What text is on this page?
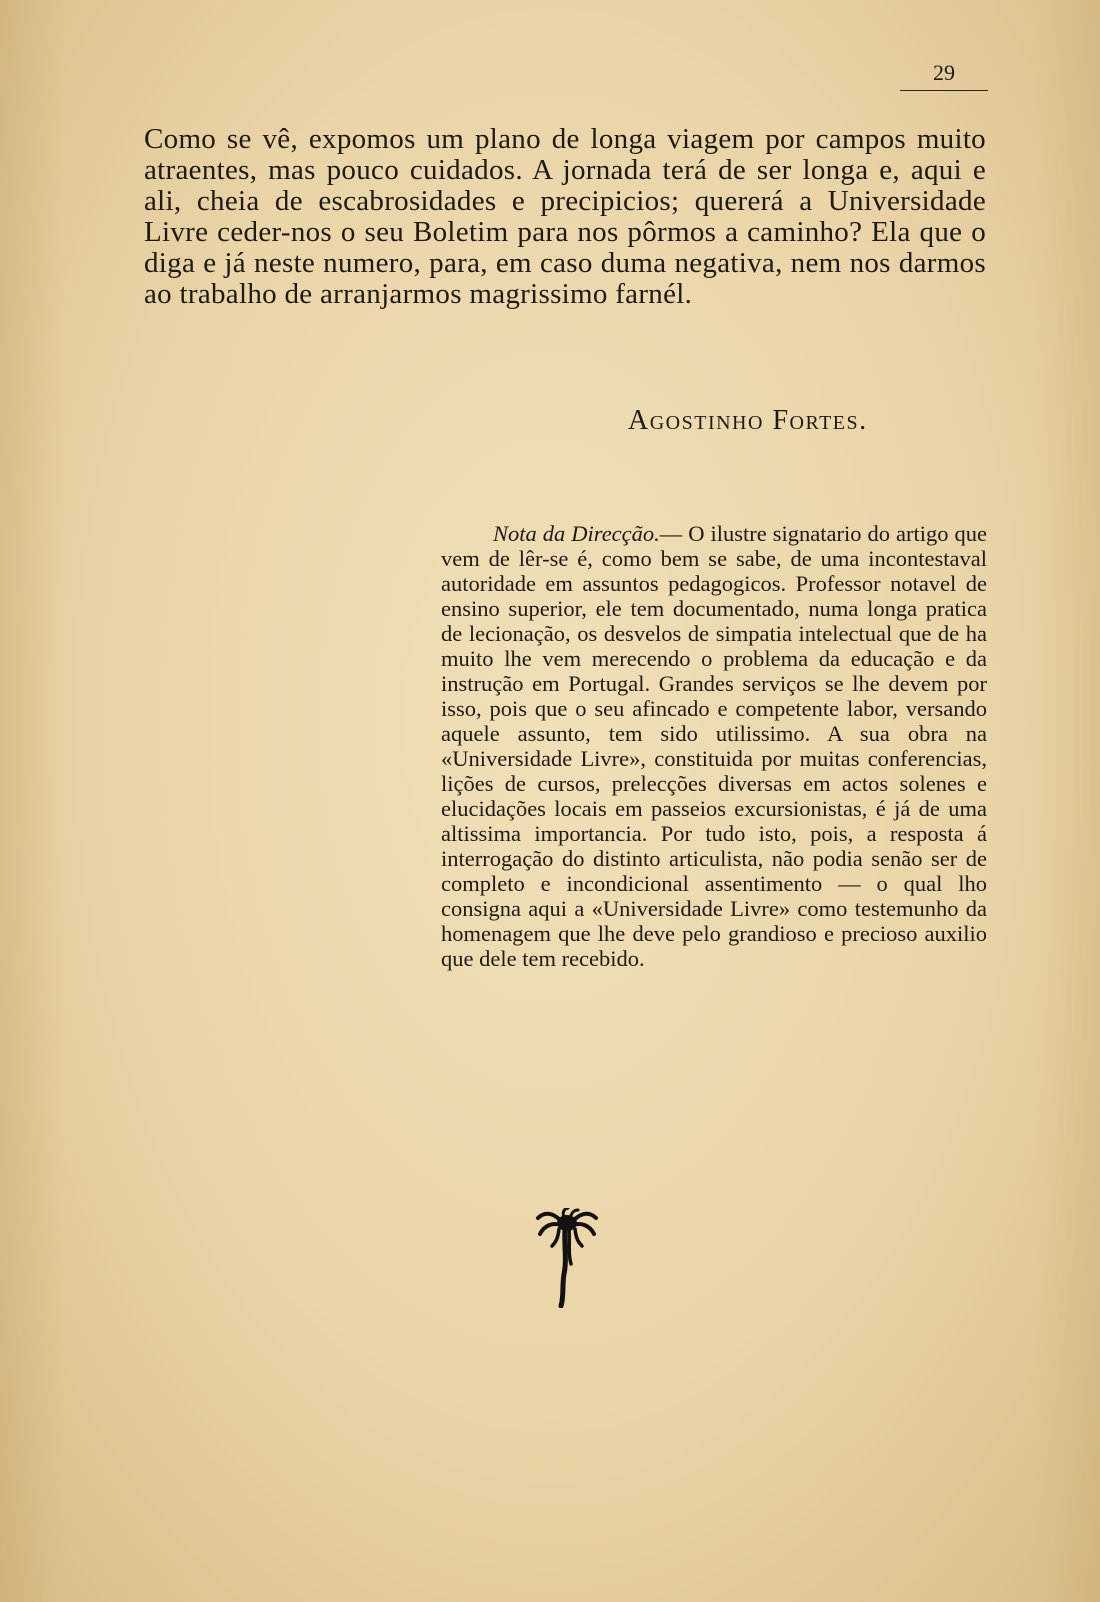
29

Como se vê, expomos um plano de longa viagem por campos muito atraentes, mas pouco cuidados. A jornada terá de ser longa e, aqui e ali, cheia de escabrosidades e precipicios; quererá a Universidade Livre ceder-nos o seu Boletim para nos pôrmos a caminho? Ela que o diga e já neste numero, para, em caso duma negativa, nem nos darmos ao trabalho de arranjarmos magrissimo farnél.

Agostinho Fortes.

Nota da Direcção.— O ilustre signatario do artigo que vem de lêr-se é, como bem se sabe, de uma incontestaval autoridade em assuntos pedagogicos. Professor notavel de ensino superior, ele tem documentado, numa longa pratica de lecionação, os desvelos de simpatia intelectual que de ha muito lhe vem merecendo o problema da educação e da instrução em Portugal. Grandes serviços se lhe devem por isso, pois que o seu afincado e competente labor, versando aquele assunto, tem sido utilissimo. A sua obra na «Universidade Livre», constituida por muitas conferencias, lições de cursos, prelecções diversas em actos solenes e elucidações locais em passeios excursionistas, é já de uma altissima importancia. Por tudo isto, pois, a resposta á interrogação do distinto articulista, não podia senão ser de completo e incondicional assentimento — o qual lho consigna aqui a «Universidade Livre» como testemunho da homenagem que lhe deve pelo grandioso e precioso auxilio que dele tem recebido.
